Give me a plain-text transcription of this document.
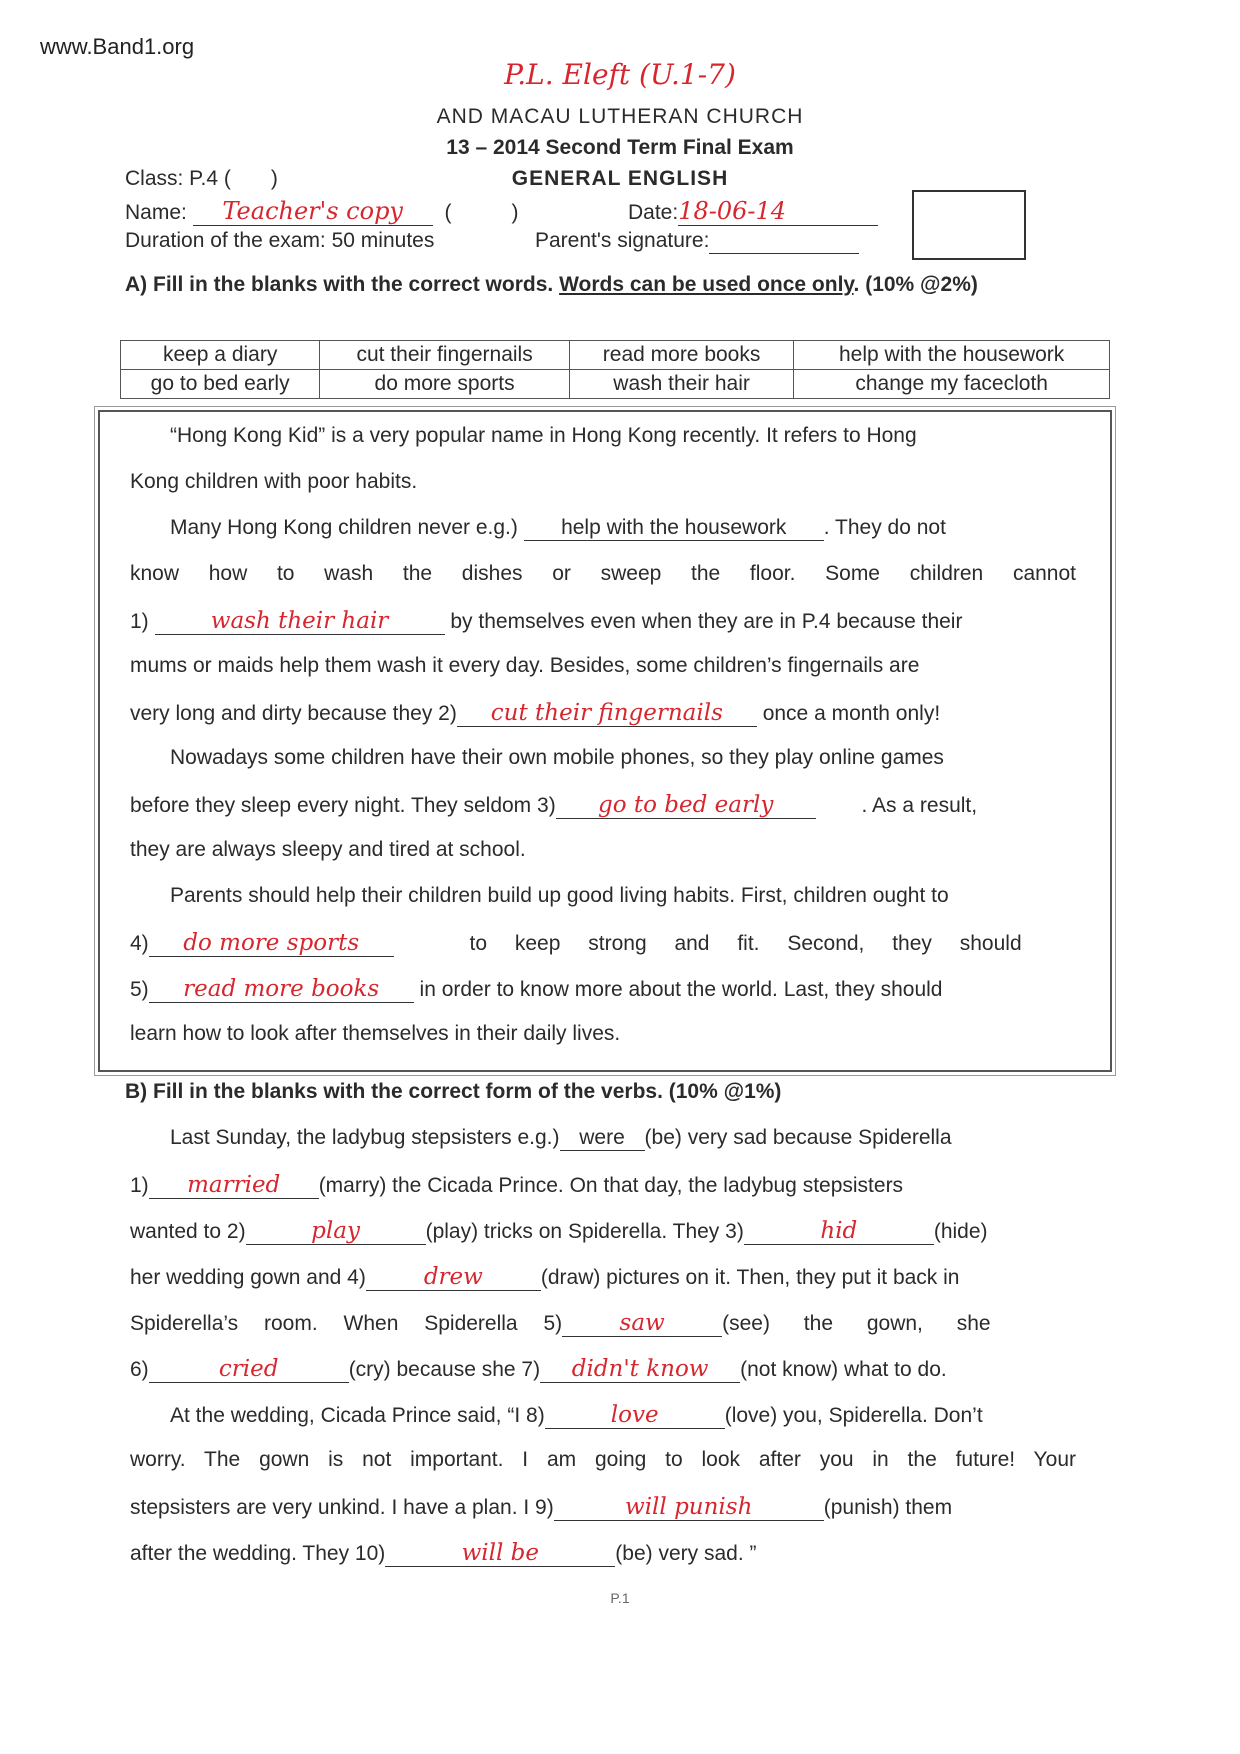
www.Band1.org
P.L. Eleft (U.1-7)
AND MACAU LUTHERAN CHURCH
13 – 2014 Second Term Final Exam
Class: P.4 ( )	GENERAL ENGLISH
Name: Teacher's copy (	)	Date:18-06-14
Duration of the exam: 50 minutes	Parent's signature:
A) Fill in the blanks with the correct words. Words can be used once only. (10% @2%)
keep a diary	cut their fingernails	read more books	help with the housework
go to bed early	do more sports	wash their hair	change my facecloth
“Hong Kong Kid” is a very popular name in Hong Kong recently. It refers to Hong
Kong children with poor habits.
Many Hong Kong children never e.g.) help with the housework . They do not
know how to wash the dishes or sweep the floor. Some children cannot
1)	wash their hair	by themselves even when they are in P.4 because their
mums or maids help them wash it every day. Besides, some children’s fingernails are
very long and dirty because they 2) cut their fingernails once a month only!
Nowadays some children have their own mobile phones, so they play online games
before they sleep every night. They seldom 3) go to bed early	. As a result,
they are always sleepy and tired at school.
Parents should help their children build up good living habits. First, children ought to
4) do more sports	to keep strong and fit. Second, they should
5) read more books in order to know more about the world. Last, they should
learn how to look after themselves in their daily lives.
B) Fill in the blanks with the correct form of the verbs. (10% @1%)
Last Sunday, the ladybug stepsisters e.g.) were (be) very sad because Spiderella
1) married (marry) the Cicada Prince. On that day, the ladybug stepsisters
wanted to 2)	play	(play) tricks on Spiderella. They 3)	hid	(hide)
her wedding gown and 4)	drew	(draw) pictures on it. Then, they put it back in
Spiderella’s room. When Spiderella 5) saw	(see) the gown, she
6)	cried	(cry) because she 7) didn't know (not know) what to do.
At the wedding, Cicada Prince said, “I 8)	love	(love) you, Spiderella. Don’t
worry. The gown is not important. I am going to look after you in the future! Your
stepsisters are very unkind. I have a plan. I 9)	will punish	(punish) them
after the wedding. They 10)	will be	(be) very sad. ”
P.1
